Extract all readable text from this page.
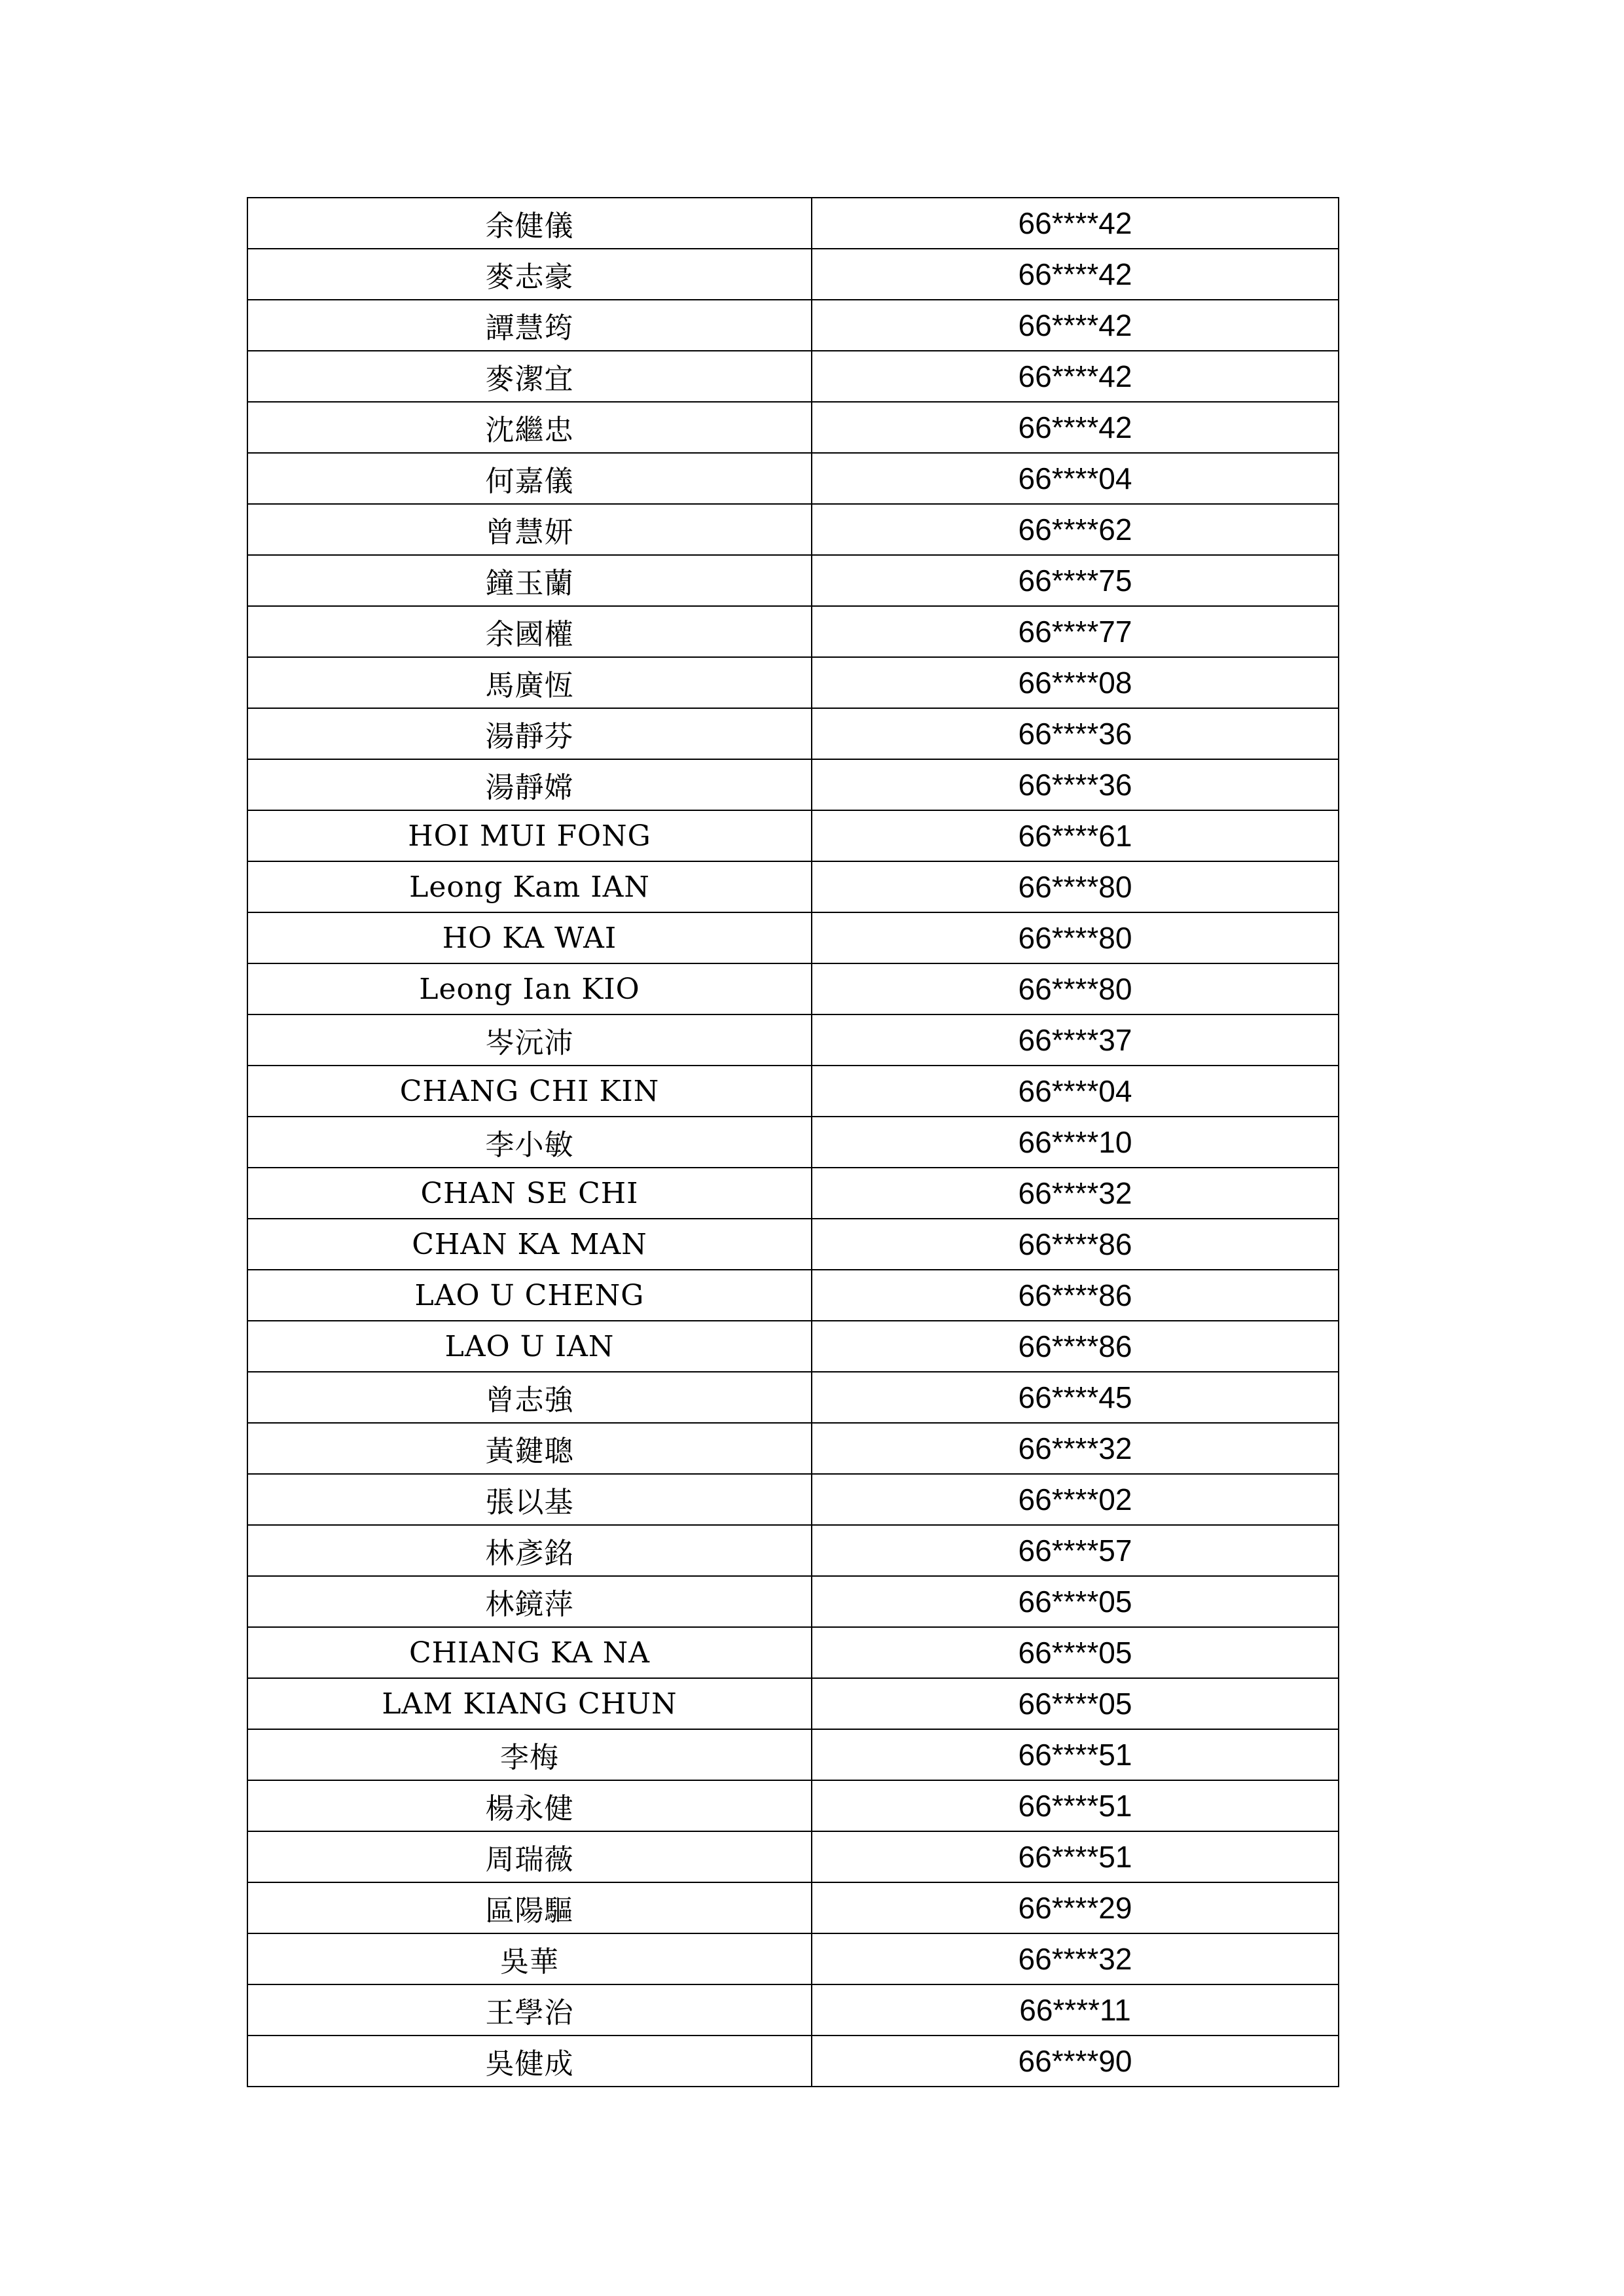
余健儀	66****42
麥志豪	66****42
譚慧筠	66****42
麥潔宜	66****42
沈繼忠	66****42
何嘉儀	66****04
曾慧妍	66****62
鐘玉蘭	66****75
余國權	66****77
馬廣恆	66****08
湯靜芬	66****36
湯靜嫦	66****36
HOI MUI FONG	66****61
Leong Kam IAN	66****80
HO KA WAI	66****80
Leong Ian KIO	66****80
岑沅沛	66****37
CHANG CHI KIN	66****04
李小敏	66****10
CHAN SE CHI	66****32
CHAN KA MAN	66****86
LAO U CHENG	66****86
LAO U IAN	66****86
曾志強	66****45
黃鍵聰	66****32
張以基	66****02
林彥銘	66****57
林鏡萍	66****05
CHIANG KA NA	66****05
LAM KIANG CHUN	66****05
李梅	66****51
楊永健	66****51
周瑞薇	66****51
區陽驅	66****29
吳華	66****32
王學治	66****11
吳健成	66****90
